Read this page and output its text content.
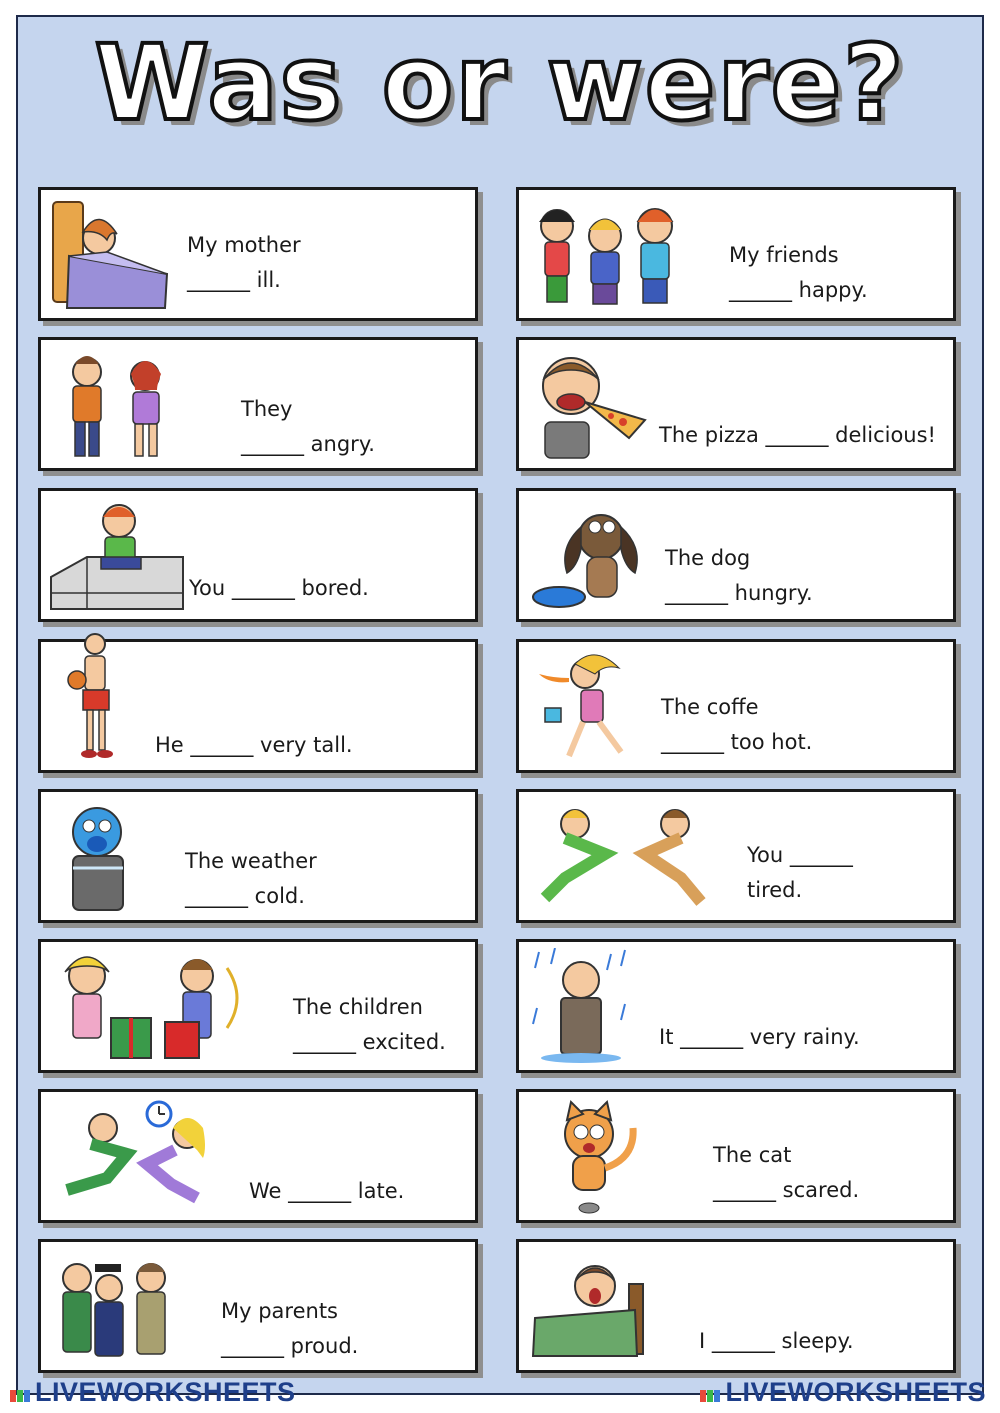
Was or were?
My mother
______ ill.
My friends
______ happy.
They
______ angry.	The pizza ______ delicious!
You ______ bored.
The dog
______ hungry.
He ______ very tall.
The coffe
______ too hot.
The weather
______ cold.
You ______
tired.
The children
______ excited.	It ______ very rainy.
We ______ late.
The cat
______ scared.
My parents
______ proud.	I ______ sleepy.
LIVEWORKSHEETS	LIVEWORKSHEETS
